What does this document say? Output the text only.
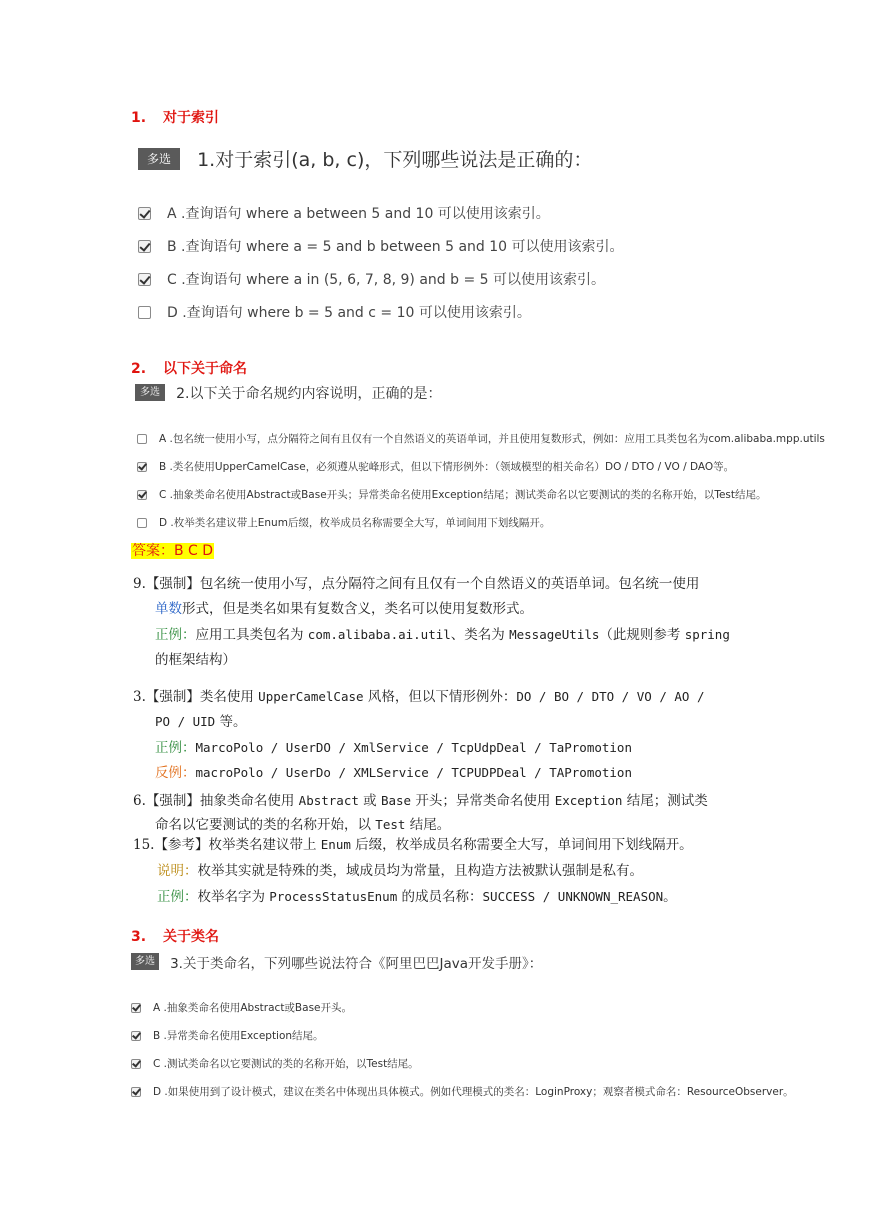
1. 对于索引
多选 1.对于索引(a, b, c)，下列哪些说法是正确的：
A .查询语句 where a between 5 and 10 可以使用该索引。
B .查询语句 where a = 5 and b between 5 and 10 可以使用该索引。
C .查询语句 where a in (5, 6, 7, 8, 9) and b = 5 可以使用该索引。
D .查询语句 where b = 5 and c = 10 可以使用该索引。
2. 以下关于命名
多选 2.以下关于命名规约内容说明，正确的是：
A .包名统一使用小写，点分隔符之间有且仅有一个自然语义的英语单词，并且使用复数形式，例如：应用工具类包名为com.alibaba.mpp.utils
B .类名使用UpperCamelCase，必须遵从驼峰形式，但以下情形例外：（领域模型的相关命名）DO / DTO / VO / DAO等。
C .抽象类命名使用Abstract或Base开头；异常类命名使用Exception结尾；测试类命名以它要测试的类的名称开始，以Test结尾。
D .枚举类名建议带上Enum后缀，枚举成员名称需要全大写，单词间用下划线隔开。
答案：B C D
9.【强制】包名统一使用小写，点分隔符之间有且仅有一个自然语义的英语单词。包名统一使用
单数形式，但是类名如果有复数含义，类名可以使用复数形式。
正例：应用工具类包名为 com.alibaba.ai.util、类名为 MessageUtils（此规则参考 spring
的框架结构）
3.【强制】类名使用 UpperCamelCase 风格，但以下情形例外：DO / BO / DTO / VO / AO /
PO / UID 等。
正例：MarcoPolo / UserDO / XmlService / TcpUdpDeal / TaPromotion
反例：macroPolo / UserDo / XMLService / TCPUDPDeal / TAPromotion
6.【强制】抽象类命名使用 Abstract 或 Base 开头；异常类命名使用 Exception 结尾；测试类
命名以它要测试的类的名称开始，以 Test 结尾。
15.【参考】枚举类名建议带上 Enum 后缀，枚举成员名称需要全大写，单词间用下划线隔开。
说明：枚举其实就是特殊的类，域成员均为常量，且构造方法被默认强制是私有。
正例：枚举名字为 ProcessStatusEnum 的成员名称：SUCCESS / UNKNOWN_REASON。
3. 关于类名
多选 3.关于类命名，下列哪些说法符合《阿里巴巴Java开发手册》：
A .抽象类命名使用Abstract或Base开头。
B .异常类命名使用Exception结尾。
C .测试类命名以它要测试的类的名称开始，以Test结尾。
D .如果使用到了设计模式，建议在类名中体现出具体模式。例如代理模式的类名：LoginProxy；观察者模式命名：ResourceObserver。
